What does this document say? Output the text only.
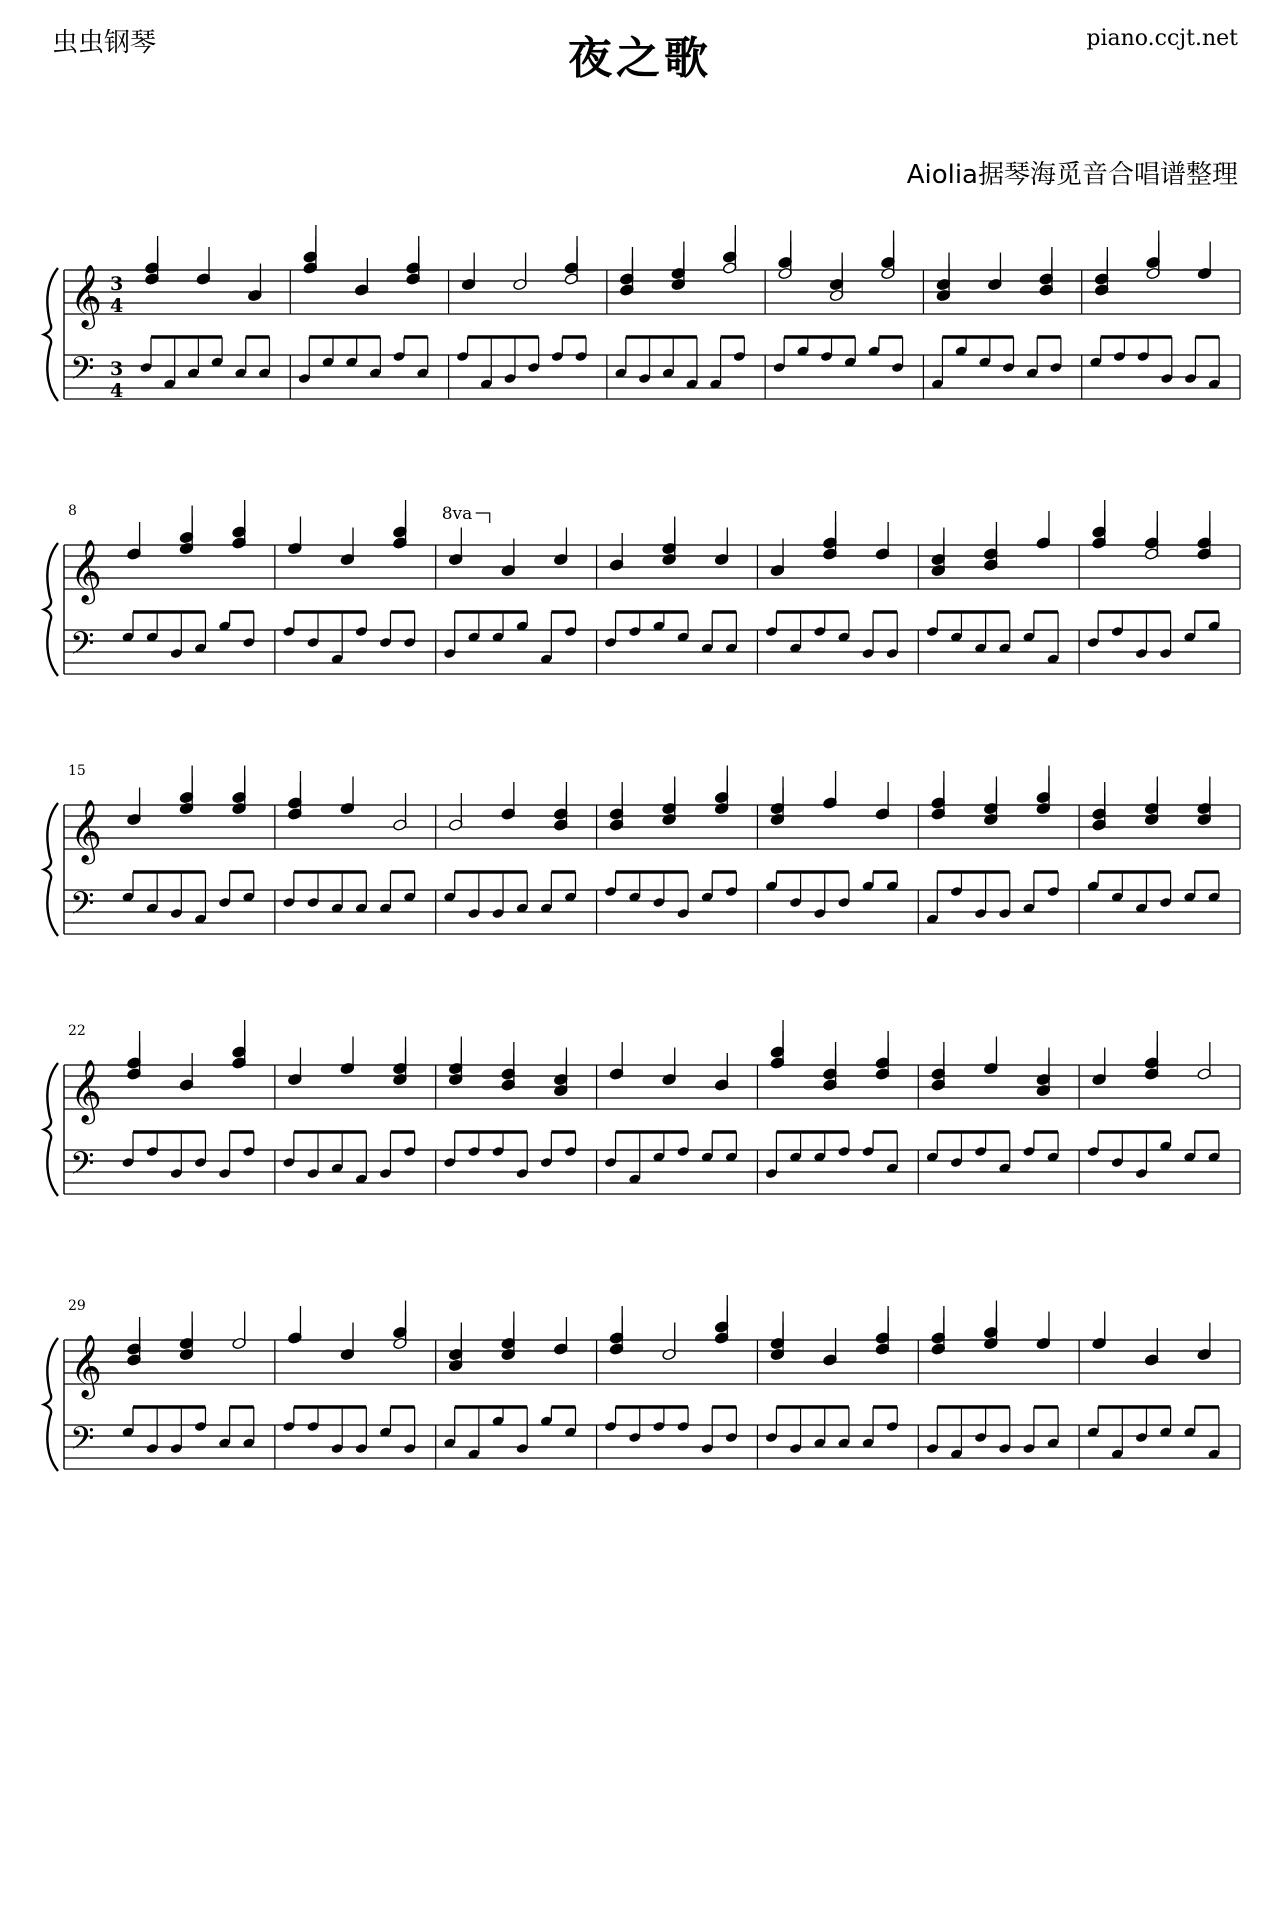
虫虫钢琴	夜之歌	piano.ccjt.net
Aiolia据琴海觅音合唱谱整理
𝄞
𝄢
3
4
3
4
𝄞
𝄢
8	8va
𝄞
𝄢
15
𝄞
𝄢
22
𝄞
𝄢
29
